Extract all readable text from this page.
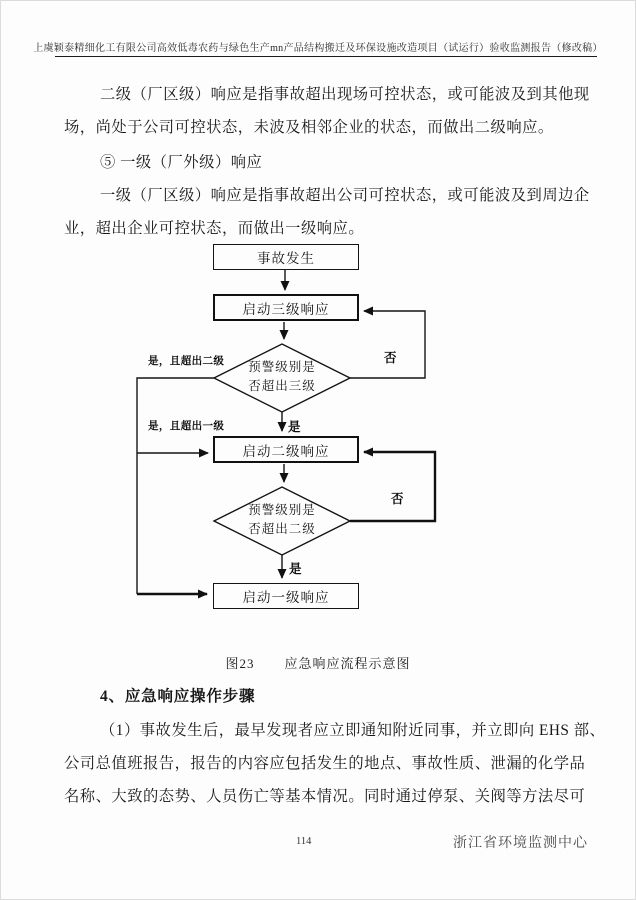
上虞颖泰精细化工有限公司高效低毒农药与绿色生产mn产品结构搬迁及环保设施改造项目（试运行）验收监测报告（修改稿）
二级（厂区级）响应是指事故超出现场可控状态，或可能波及到其他现
场，尚处于公司可控状态，未波及相邻企业的状态，而做出二级响应。
⑤ 一级（厂外级）响应
一级（厂区级）响应是指事故超出公司可控状态，或可能波及到周边企
业，超出企业可控状态，而做出一级响应。
事故发生
启动三级响应
启动二级响应
启动一级响应
预警级别是
否超出三级
预警级别是
否超出二级
是，且超出二级	否
是，且超出一级	是
否
是
图23 应急响应流程示意图
4、应急响应操作步骤
（1）事故发生后，最早发现者应立即通知附近同事，并立即向 EHS 部、
公司总值班报告，报告的内容应包括发生的地点、事故性质、泄漏的化学品
名称、大致的态势、人员伤亡等基本情况。同时通过停泵、关阀等方法尽可
114	浙江省环境监测中心
